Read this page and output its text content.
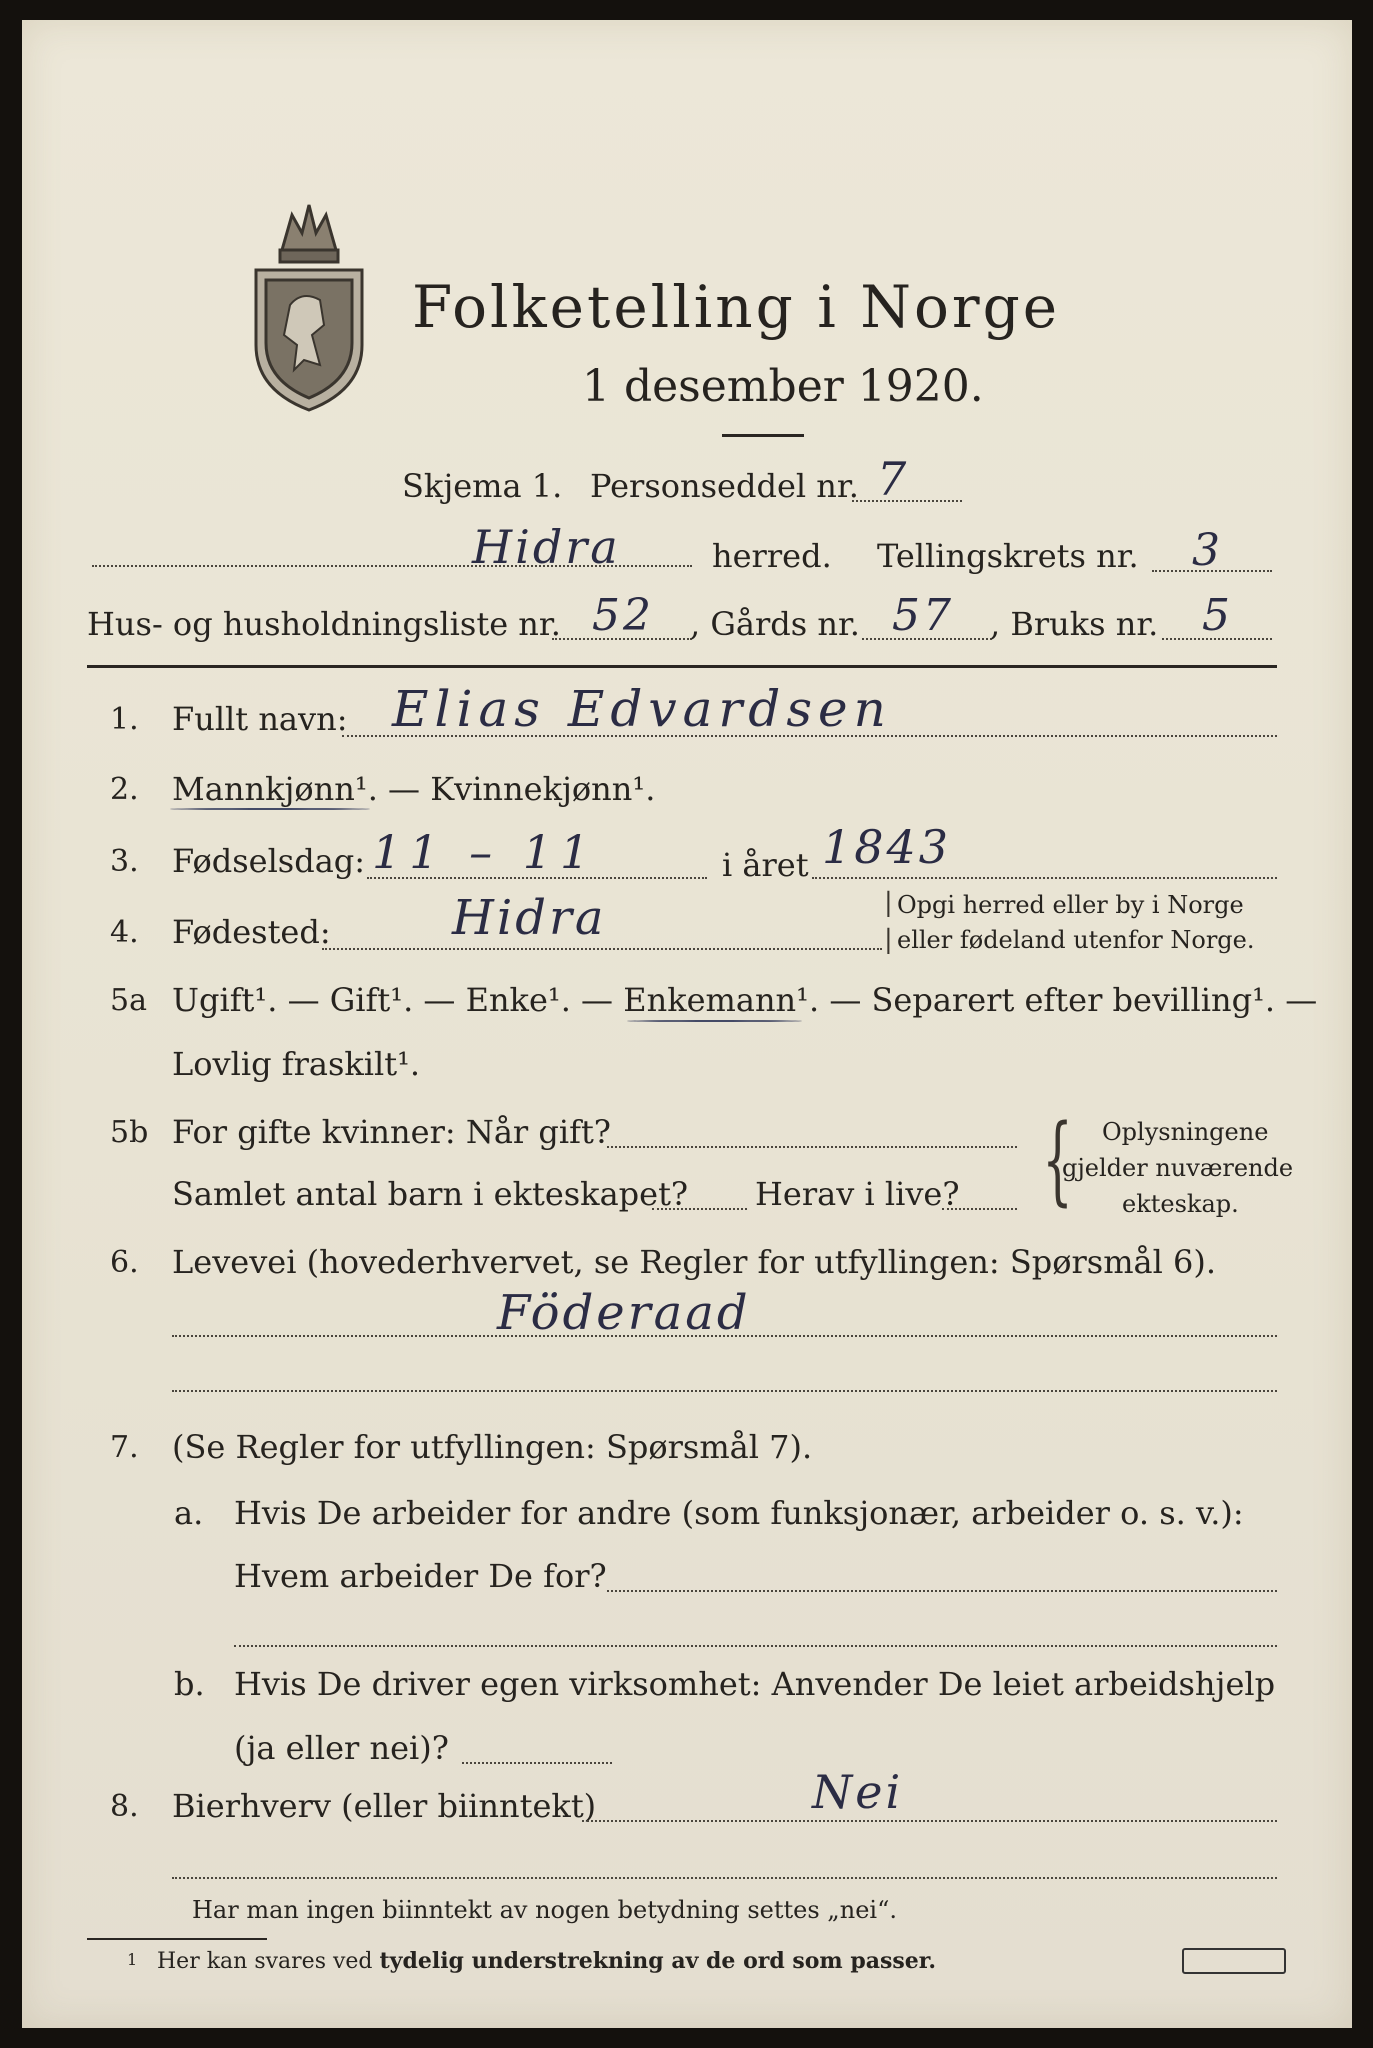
Folketelling i Norge
1 desember 1920.
Skjema 1. Personseddel nr. 7
Hidra	herred. Tellingskrets nr. 3
Hus- og husholdningsliste nr. 52 , Gårds nr. 57 , Bruks nr. 5
1. Fullt navn: Elias Edvardsen
2. Mannkjønn¹. — Kvinnekjønn¹.
3. Fødselsdag: 11 – 11	i året 1843
4. Fødested:	Hidra	|
|
Opgi herred eller by i Norge
eller fødeland utenfor Norge.
5a Ugift¹. — Gift¹. — Enke¹. — Enkemann¹. — Separert efter bevilling¹. —
Lovlig fraskilt¹.
5b For gifte kvinner: Når gift?
Samlet antal barn i ekteskapet? Herav i live? { Oplysningene
gjelder nuværende
ekteskap.
6. Levevei (hovederhvervet, se Regler for utfyllingen: Spørsmål 6).
Föderaad
7. (Se Regler for utfyllingen: Spørsmål 7).
a. Hvis De arbeider for andre (som funksjonær, arbeider o. s. v.):
Hvem arbeider De for?
b. Hvis De driver egen virksomhet: Anvender De leiet arbeidshjelp
(ja eller nei)?
8. Bierhverv (eller biinntekt)	Nei
Har man ingen biinntekt av nogen betydning settes „nei“.
1 Her kan svares ved tydelig understrekning av de ord som passer.
